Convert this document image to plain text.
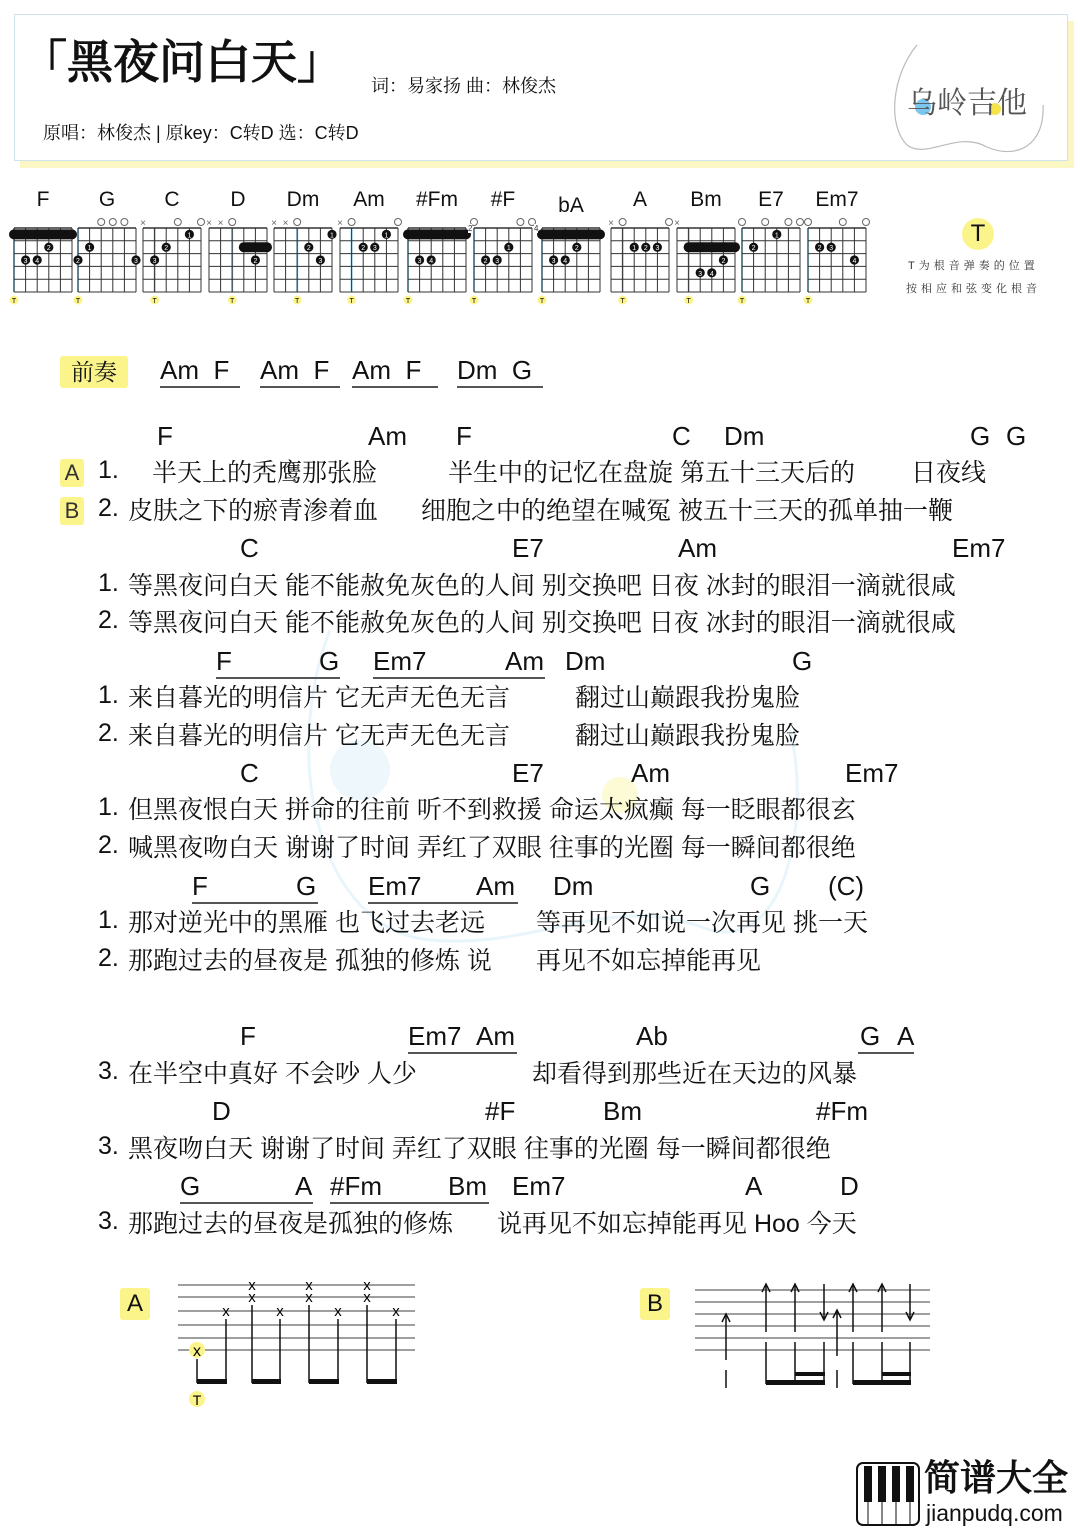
「黑夜问白天」 词：易家扬 曲：林俊杰
原唱：林俊杰 | 原key：C转D 选：C转D
乌岭吉他
F
2
3 4
T
G
1
2	3
T
C
×
1
2
3
T
D
× ×
2
T
Dm
× ×
1
2
3
T
Am
×
1
2 3
T
#Fm
3 4
T
2
#F
1
2 3
T
4
bA
2
3 4
T
A
×
1 2 3
T
Bm
×
2
3 4
T
E7
1
2
T
Em7
2 3
4
T
T
T为根音弹奏的位置
按相应和弦变化根音
前奏	Am  F Am  F Am  F Dm  G
F	Am F	C Dm	G G
A 1. 半天上的秃鹰那张脸	半生中的记忆在盘旋 第五十三天后的 日夜线
B 2. 皮肤之下的瘀青渗着血 细胞之中的绝望在喊冤 被五十三天的孤单抽一鞭
C	E7	Am	Em7
1. 等黑夜问白天 能不能赦免灰色的人间 别交换吧 日夜 冰封的眼泪一滴就很咸
2. 等黑夜问白天 能不能赦免灰色的人间 别交换吧 日夜 冰封的眼泪一滴就很咸
F	G Em7	Am Dm	G
1. 来自暮光的明信片 它无声无色无言	翻过山巅跟我扮鬼脸
2. 来自暮光的明信片 它无声无色无言	翻过山巅跟我扮鬼脸
C	E7	Am	Em7
1. 但黑夜恨白天 拼命的往前 听不到救援 命运太疯癫 每一眨眼都很玄
2. 喊黑夜吻白天 谢谢了时间 弄红了双眼 往事的光圈 每一瞬间都很绝
F	G Em7 Am Dm	G (C)
1. 那对逆光中的黑雁 也飞过去老远 等再见不如说一次再见 挑一天
2. 那跑过去的昼夜是 孤独的修炼 说 再见不如忘掉能再见
F	Em7 Am	Ab	G A
3. 在半空中真好 不会吵 人少	却看得到那些近在天边的风暴
D	#F	Bm	#Fm
3. 黑夜吻白天 谢谢了时间 弄红了双眼 往事的光圈 每一瞬间都很绝
G	A #Fm	Bm Em7	A	D
3. 那跑过去的昼夜是孤独的修炼 说再见不如忘掉能再见 Hoo 今天
A
x
x	x	x	x
x
x
x
x
x
x
T
B
简谱大全
jianpudq.com
